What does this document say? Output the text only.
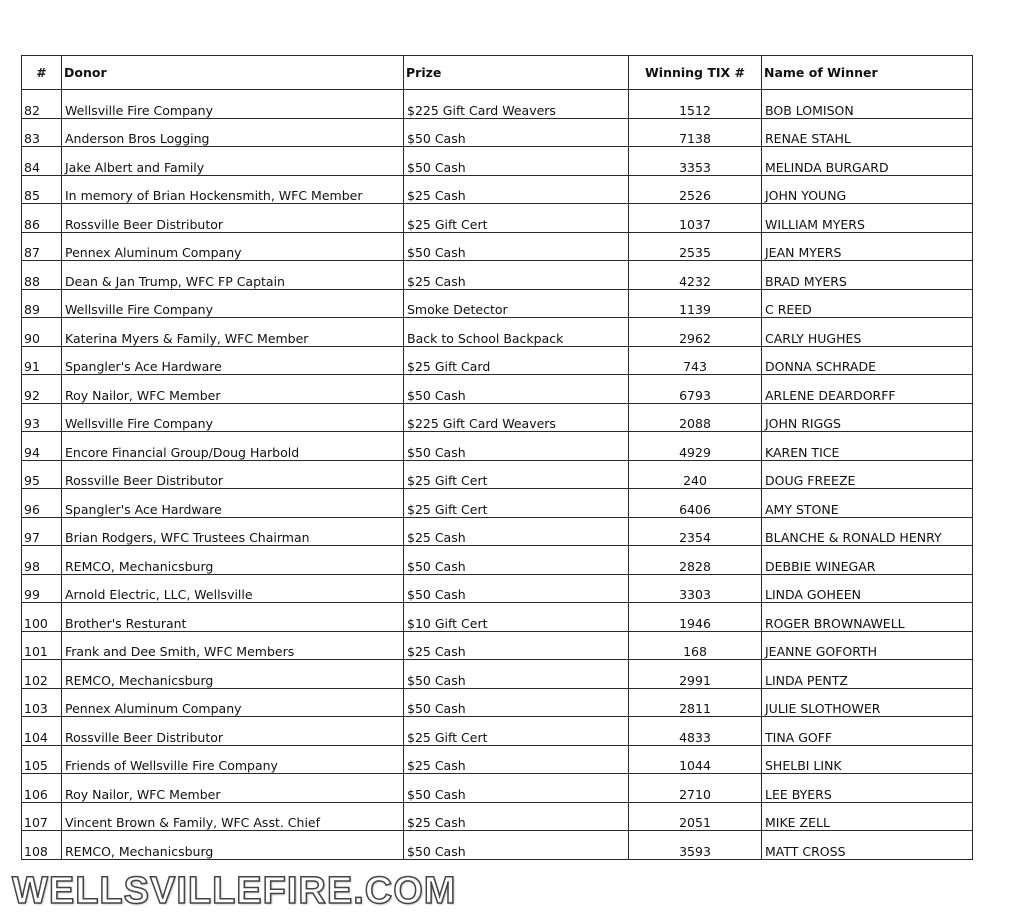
#	Donor	Prize	Winning TIX #	Name of Winner
82	Wellsville Fire Company	$225 Gift Card Weavers	1512	BOB LOMISON
83	Anderson Bros Logging	$50 Cash	7138	RENAE STAHL
84	Jake Albert and Family	$50 Cash	3353	MELINDA BURGARD
85	In memory of Brian Hockensmith, WFC Member	$25 Cash	2526	JOHN YOUNG
86	Rossville Beer Distributor	$25 Gift Cert	1037	WILLIAM MYERS
87	Pennex Aluminum Company	$50 Cash	2535	JEAN MYERS
88	Dean & Jan Trump, WFC FP Captain	$25 Cash	4232	BRAD MYERS
89	Wellsville Fire Company	Smoke Detector	1139	C REED
90	Katerina Myers & Family, WFC Member	Back to School Backpack	2962	CARLY HUGHES
91	Spangler's Ace Hardware	$25 Gift Card	743	DONNA SCHRADE
92	Roy Nailor, WFC Member	$50 Cash	6793	ARLENE DEARDORFF
93	Wellsville Fire Company	$225 Gift Card Weavers	2088	JOHN RIGGS
94	Encore Financial Group/Doug Harbold	$50 Cash	4929	KAREN TICE
95	Rossville Beer Distributor	$25 Gift Cert	240	DOUG FREEZE
96	Spangler's Ace Hardware	$25 Gift Cert	6406	AMY STONE
97	Brian Rodgers, WFC Trustees Chairman	$25 Cash	2354	BLANCHE & RONALD HENRY
98	REMCO, Mechanicsburg	$50 Cash	2828	DEBBIE WINEGAR
99	Arnold Electric, LLC, Wellsville	$50 Cash	3303	LINDA GOHEEN
100	Brother's Resturant	$10 Gift Cert	1946	ROGER BROWNAWELL
101	Frank and Dee Smith, WFC Members	$25 Cash	168	JEANNE GOFORTH
102	REMCO, Mechanicsburg	$50 Cash	2991	LINDA PENTZ
103	Pennex Aluminum Company	$50 Cash	2811	JULIE SLOTHOWER
104	Rossville Beer Distributor	$25 Gift Cert	4833	TINA GOFF
105	Friends of Wellsville Fire Company	$25 Cash	1044	SHELBI LINK
106	Roy Nailor, WFC Member	$50 Cash	2710	LEE BYERS
107	Vincent Brown & Family, WFC Asst. Chief	$25 Cash	2051	MIKE ZELL
108	REMCO, Mechanicsburg	$50 Cash	3593	MATT CROSS
WELLSVILLEFIRE.COM
